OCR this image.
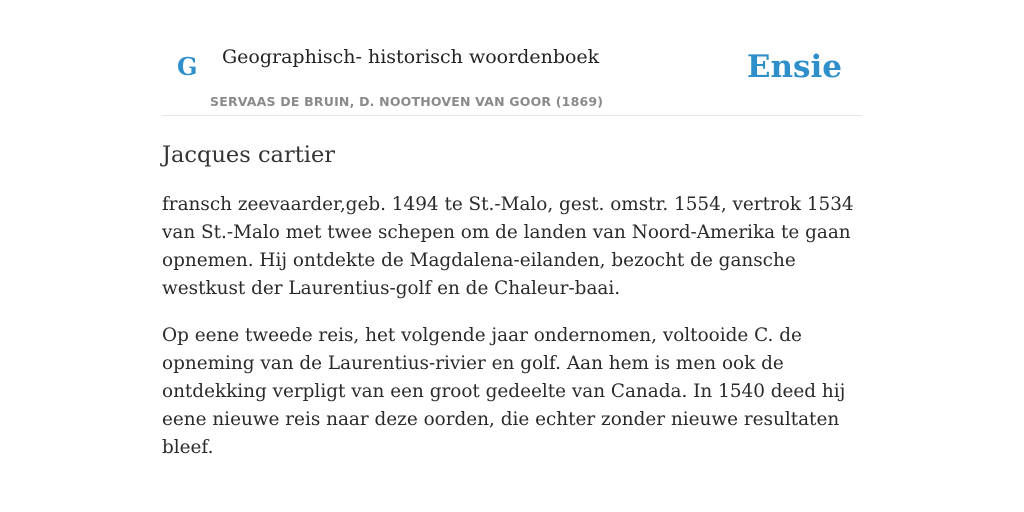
G Geographisch- historisch woordenboek
SERVAAS DE BRUIN, D. NOOTHOVEN VAN GOOR (1869)
Ensie
Jacques cartier

fransch zeevaarder,geb. 1494 te St.-Malo, gest. omstr. 1554, vertrok 1534 van St.-Malo met twee schepen om de landen van Noord-Amerika te gaan opnemen. Hij ontdekte de Magdalena-eilanden, bezocht de gansche westkust der Laurentius-golf en de Chaleur-baai.

Op eene tweede reis, het volgende jaar ondernomen, voltooide C. de opneming van de Laurentius-rivier en golf. Aan hem is men ook de ontdekking verpligt van een groot gedeelte van Canada. In 1540 deed hij eene nieuwe reis naar deze oorden, die echter zonder nieuwe resultaten bleef.
